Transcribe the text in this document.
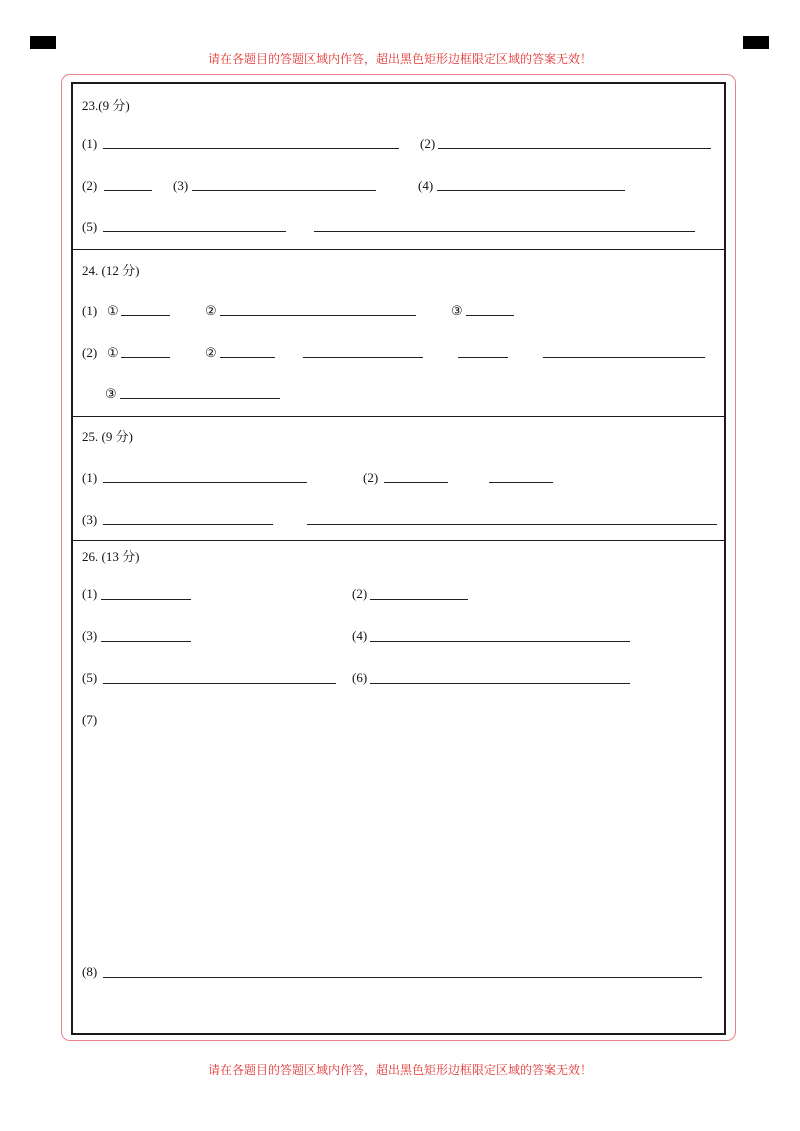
请在各题目的答题区域内作答，超出黑色矩形边框限定区域的答案无效！
23.(9 分)
(1)	(2)
(2)	(3)	(4)
(5)
24. (12 分)
(1) ①	②	③
(2) ①	②
③
25. (9 分)
(1)	(2)
(3)
26. (13 分)
(1)	(2)
(3)	(4)
(5)	(6)
(7)
(8)
请在各题目的答题区域内作答，超出黑色矩形边框限定区域的答案无效！
